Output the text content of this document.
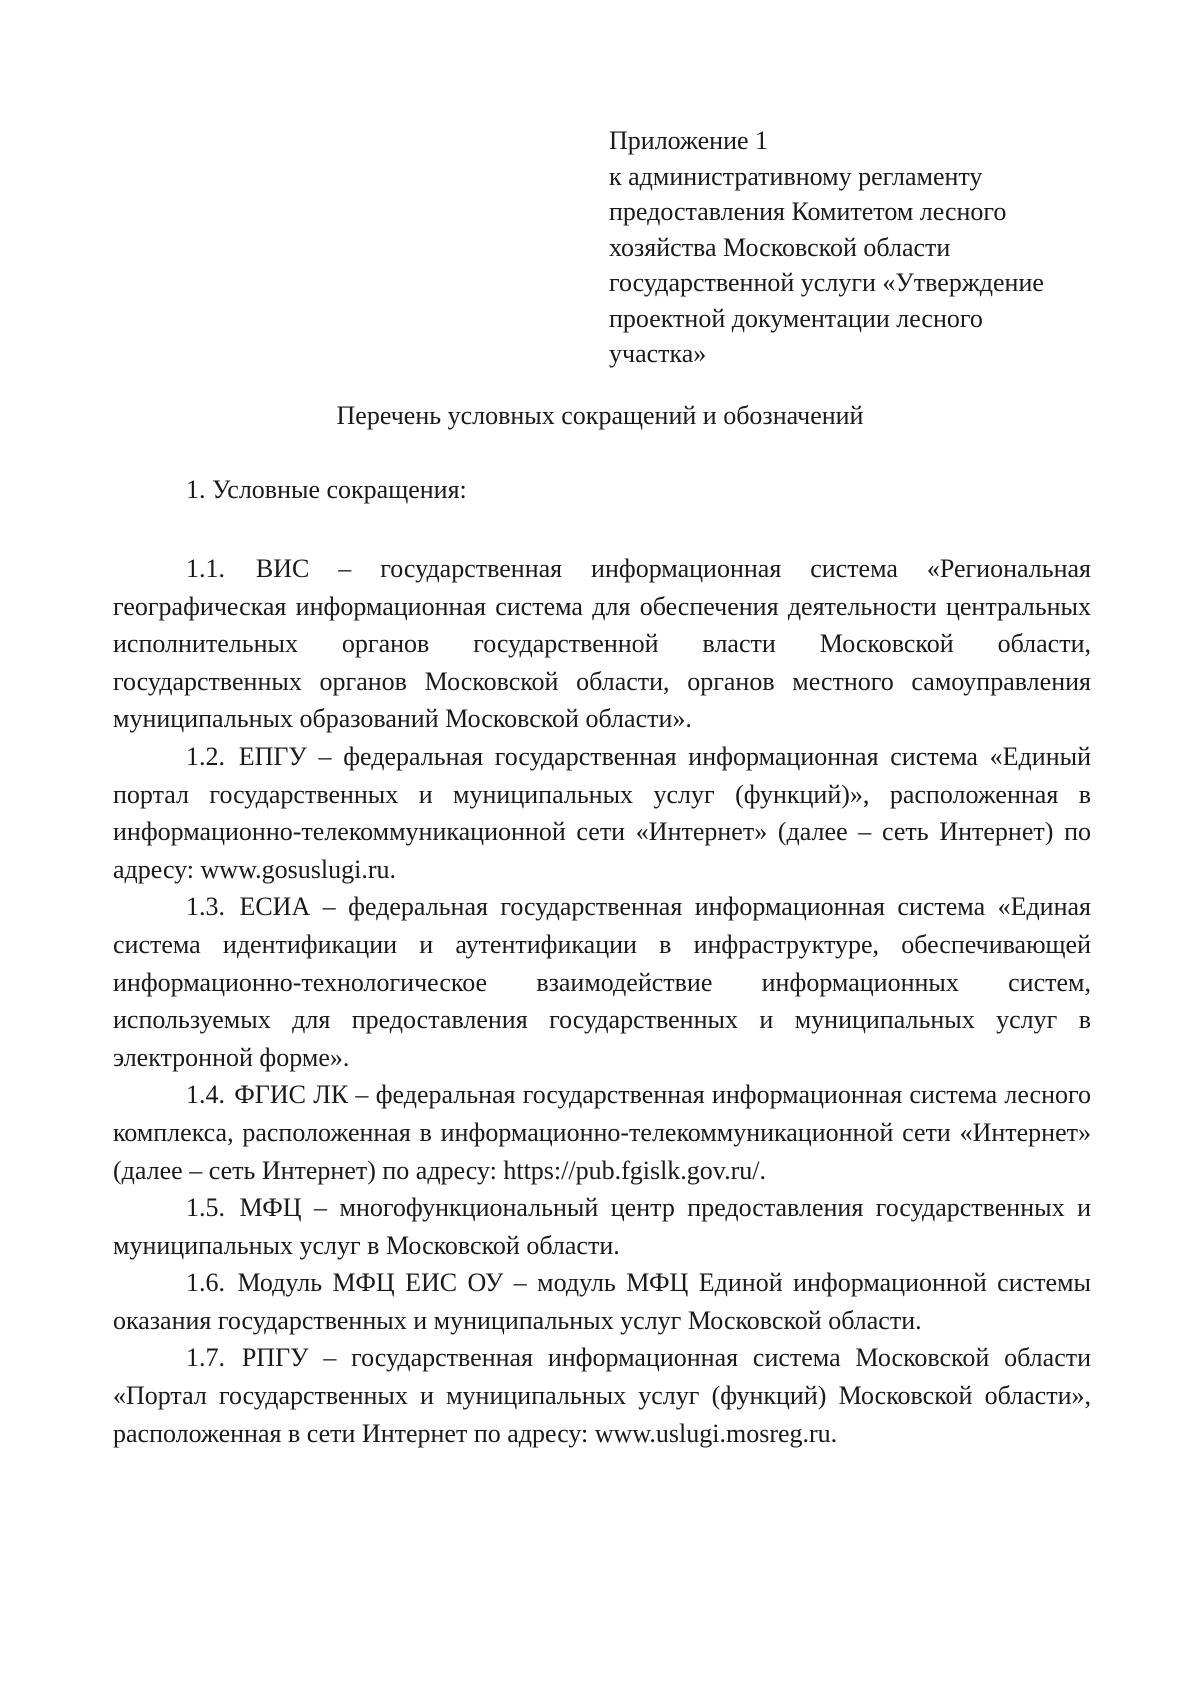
Приложение 1
к административному регламенту
предоставления Комитетом лесного
хозяйства Московской области
государственной услуги «Утверждение
проектной документации лесного
участка»
Перечень условных сокращений и обозначений
1. Условные сокращения:

1.1. ВИС – государственная информационная система «Региональная географическая информационная система для обеспечения деятельности центральных исполнительных органов государственной власти Московской области, государственных органов Московской области, органов местного самоуправления муниципальных образований Московской области».

1.2. ЕПГУ – федеральная государственная информационная система «Единый портал государственных и муниципальных услуг (функций)», расположенная в информационно-телекоммуникационной сети «Интернет» (далее – сеть Интернет) по адресу: www.gosuslugi.ru.

1.3. ЕСИА – федеральная государственная информационная система «Единая система идентификации и аутентификации в инфраструктуре, обеспечивающей информационно-технологическое взаимодействие информационных систем, используемых для предоставления государственных и муниципальных услуг в электронной форме».

1.4. ФГИС ЛК – федеральная государственная информационная система лесного комплекса, расположенная в информационно-телекоммуникационной сети «Интернет» (далее – сеть Интернет) по адресу: https://pub.fgislk.gov.ru/.

1.5. МФЦ – многофункциональный центр предоставления государственных и муниципальных услуг в Московской области.

1.6. Модуль МФЦ ЕИС ОУ – модуль МФЦ Единой информационной системы оказания государственных и муниципальных услуг Московской области.

1.7. РПГУ – государственная информационная система Московской области «Портал государственных и муниципальных услуг (функций) Московской области», расположенная в сети Интернет по адресу: www.uslugi.mosreg.ru.
